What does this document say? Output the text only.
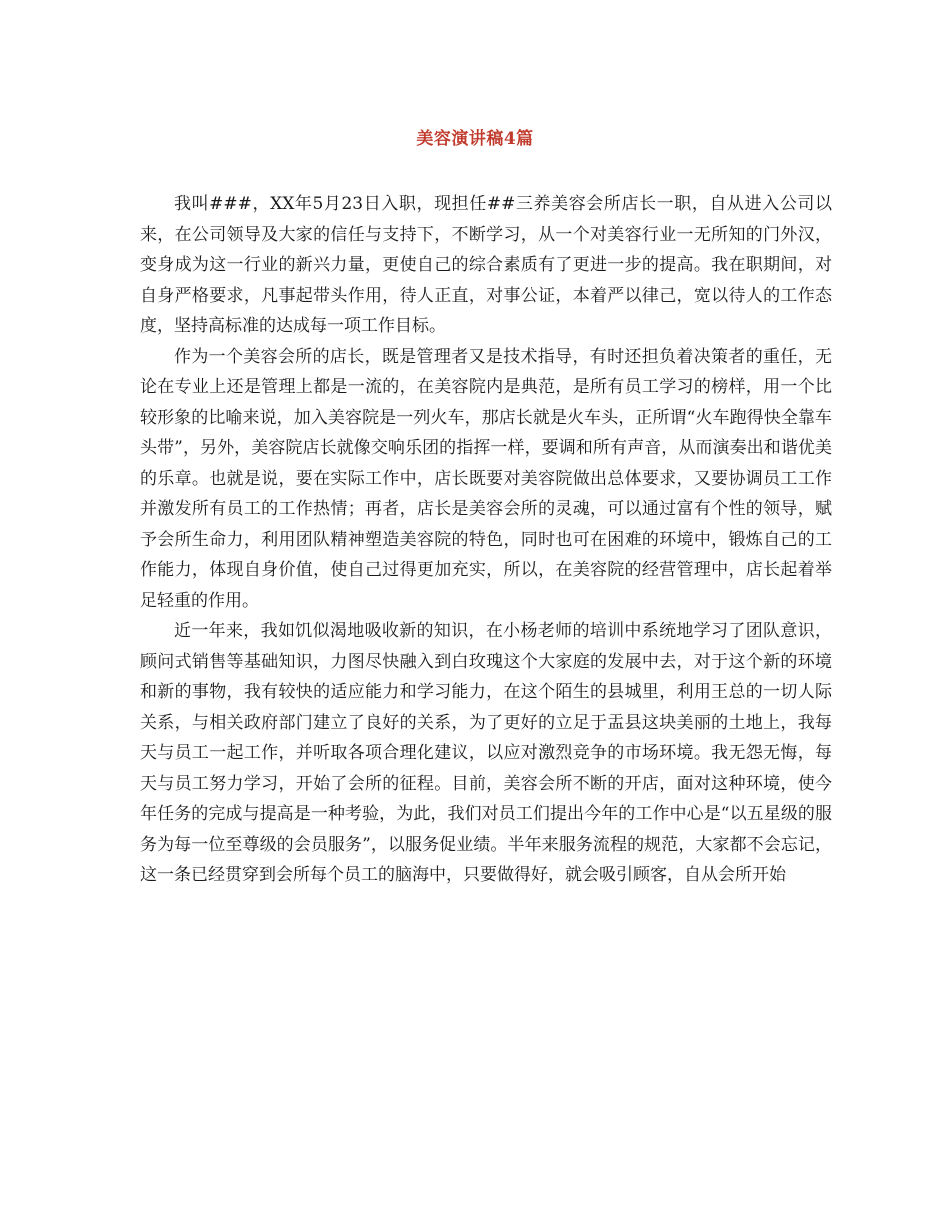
美容演讲稿4篇

我叫###，XX年5月23日入职，现担任##三养美容会所店长一职，自从进入公司以来，在公司领导及大家的信任与支持下，不断学习，从一个对美容行业一无所知的门外汉，变身成为这一行业的新兴力量，更使自己的综合素质有了更进一步的提高。我在职期间，对自身严格要求，凡事起带头作用，待人正直，对事公证，本着严以律己，宽以待人的工作态度，坚持高标准的达成每一项工作目标。

作为一个美容会所的店长，既是管理者又是技术指导，有时还担负着决策者的重任，无论在专业上还是管理上都是一流的，在美容院内是典范，是所有员工学习的榜样，用一个比较形象的比喻来说，加入美容院是一列火车，那店长就是火车头，正所谓“火车跑得快全靠车头带”，另外，美容院店长就像交响乐团的指挥一样，要调和所有声音，从而演奏出和谐优美的乐章。也就是说，要在实际工作中，店长既要对美容院做出总体要求，又要协调员工工作并激发所有员工的工作热情；再者，店长是美容会所的灵魂，可以通过富有个性的领导，赋予会所生命力，利用团队精神塑造美容院的特色，同时也可在困难的环境中，锻炼自己的工作能力，体现自身价值，使自己过得更加充实，所以，在美容院的经营管理中，店长起着举足轻重的作用。

近一年来，我如饥似渴地吸收新的知识，在小杨老师的培训中系统地学习了团队意识，顾问式销售等基础知识，力图尽快融入到白玫瑰这个大家庭的发展中去，对于这个新的环境和新的事物，我有较快的适应能力和学习能力，在这个陌生的县城里，利用王总的一切人际关系，与相关政府部门建立了良好的关系，为了更好的立足于盂县这块美丽的土地上，我每天与员工一起工作，并听取各项合理化建议，以应对激烈竞争的市场环境。我无怨无悔，每天与员工努力学习，开始了会所的征程。目前，美容会所不断的开店，面对这种环境，使今年任务的完成与提高是一种考验，为此，我们对员工们提出今年的工作中心是“以五星级的服务为每一位至尊级的会员服务”，以服务促业绩。半年来服务流程的规范，大家都不会忘记，这一条已经贯穿到会所每个员工的脑海中，只要做得好，就会吸引顾客，自从会所开始
